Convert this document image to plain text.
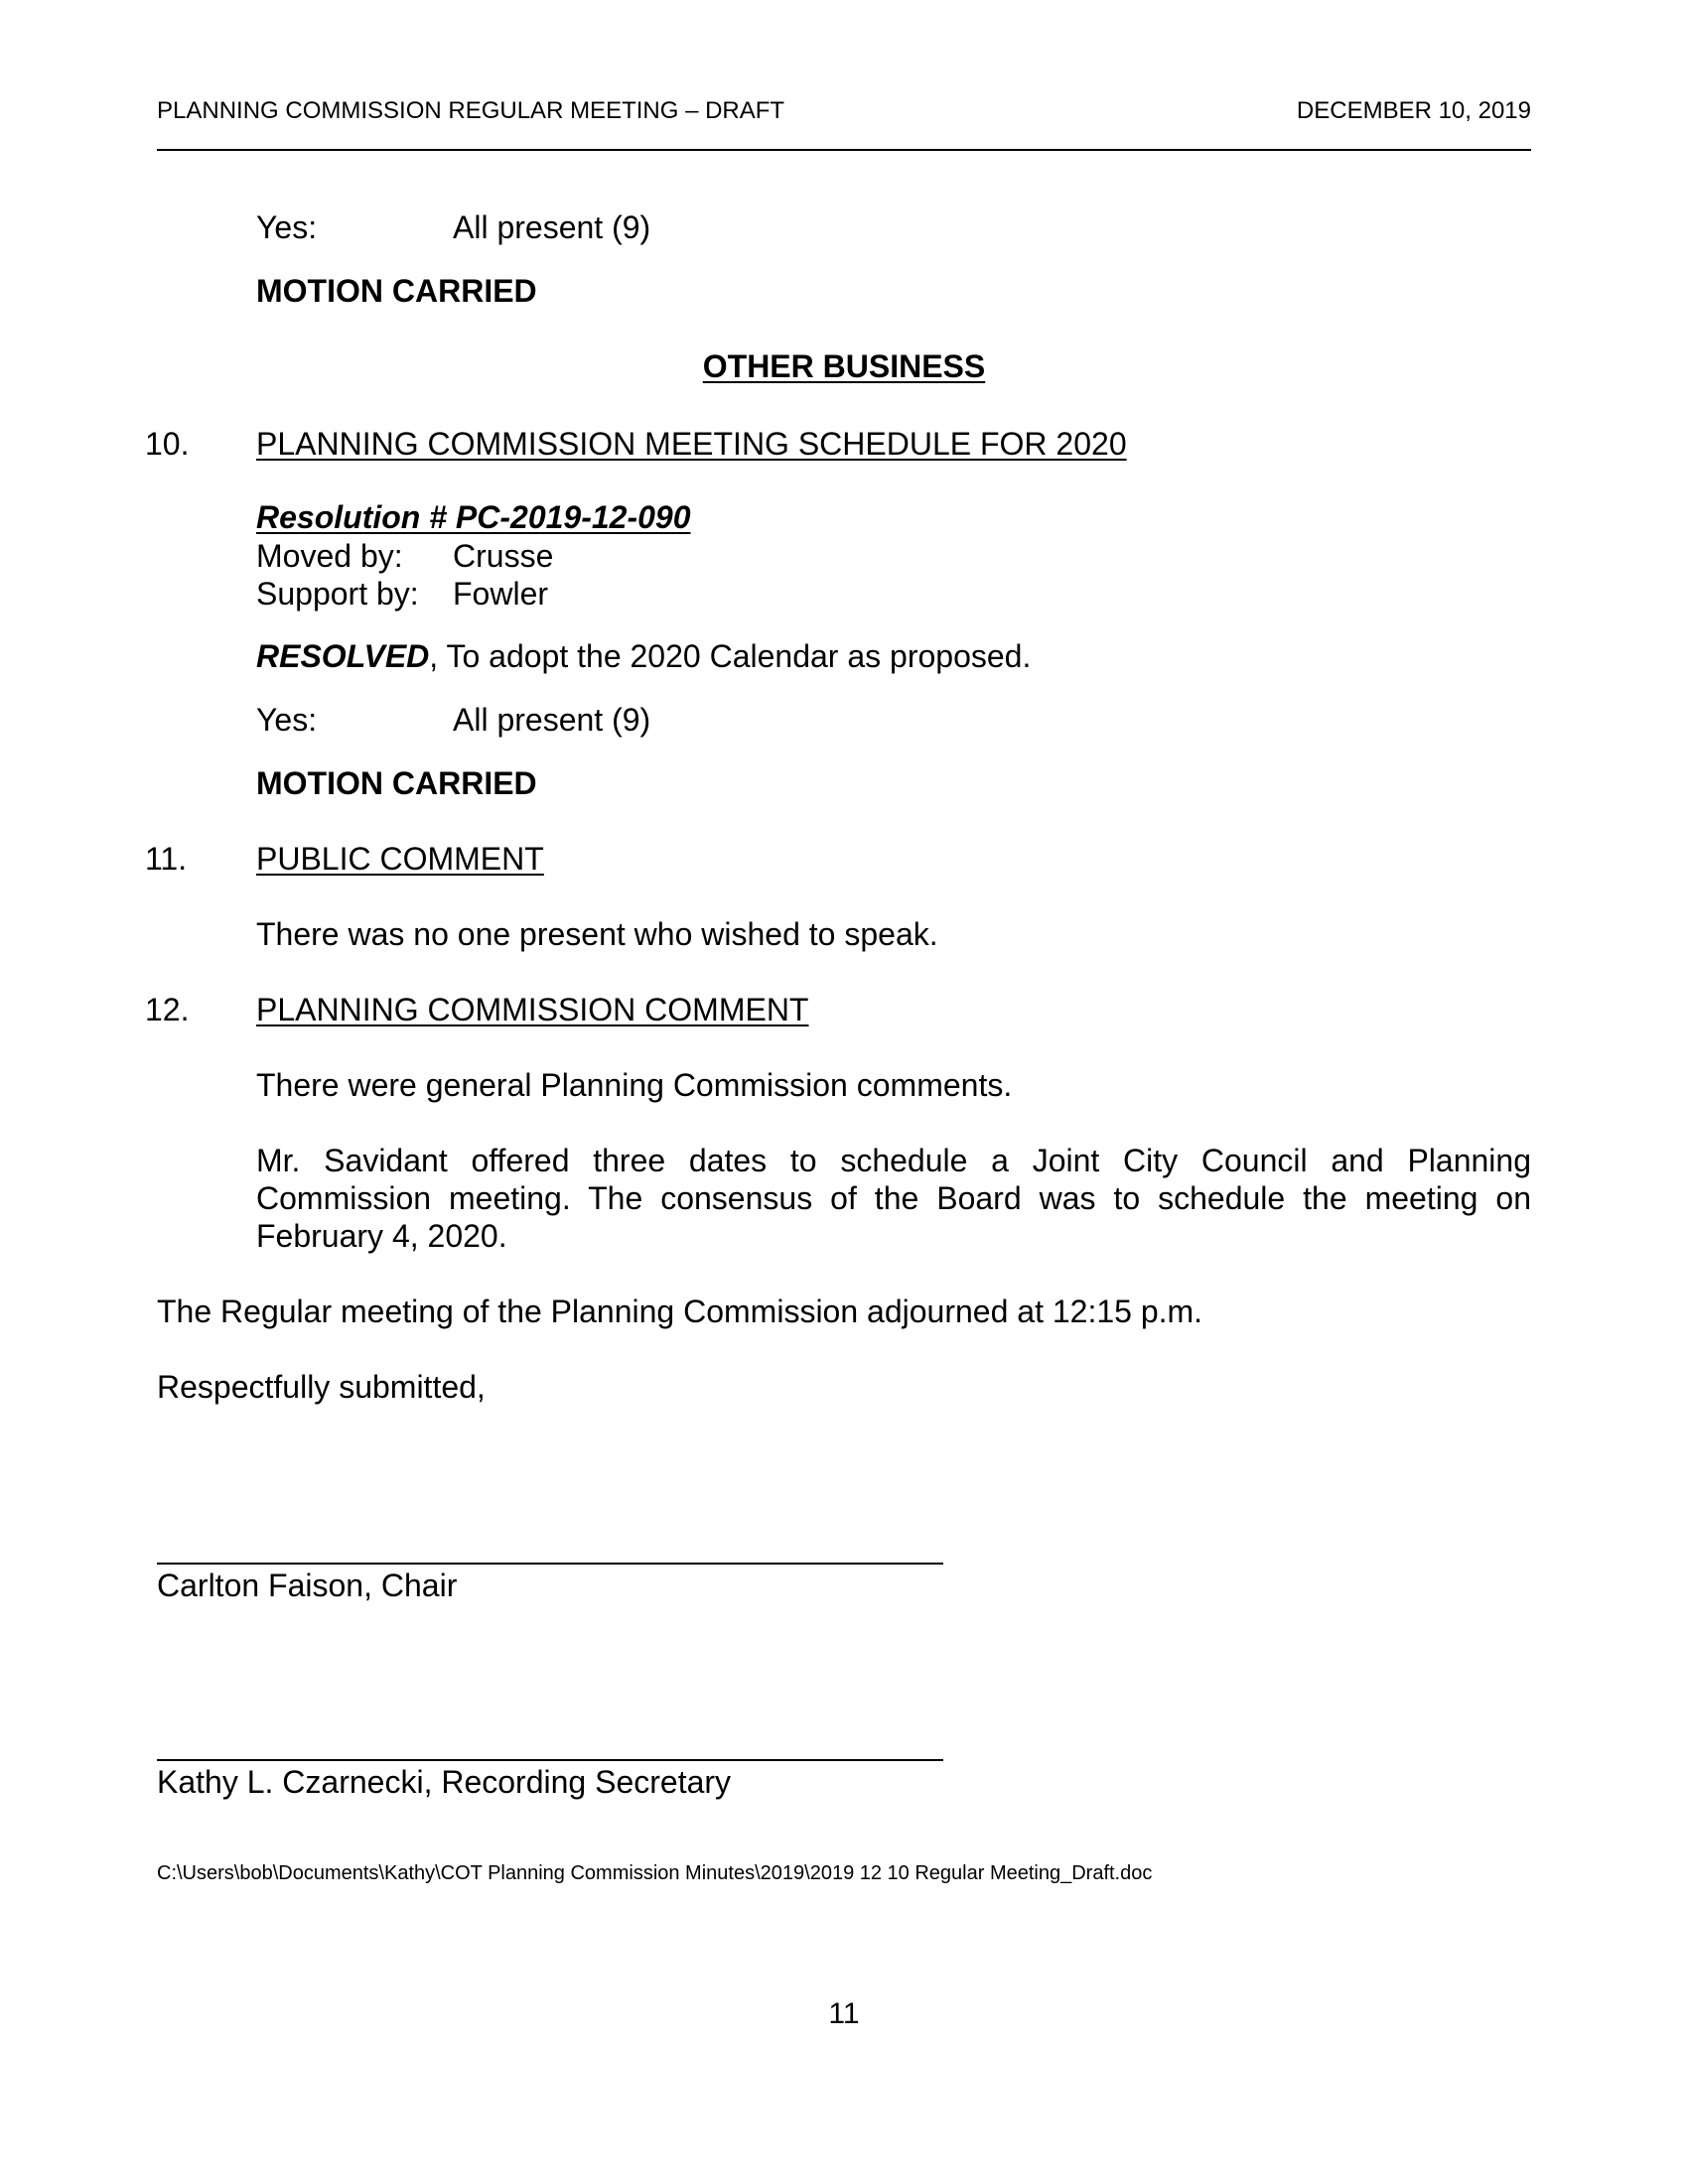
PLANNING COMMISSION REGULAR MEETING – DRAFT	DECEMBER 10, 2019
Yes:	All present (9)
MOTION CARRIED
OTHER BUSINESS
10. PLANNING COMMISSION MEETING SCHEDULE FOR 2020
Resolution # PC-2019-12-090
Moved by: Crusse
Support by: Fowler
RESOLVED, To adopt the 2020 Calendar as proposed.
Yes:	All present (9)
MOTION CARRIED
11. PUBLIC COMMENT
There was no one present who wished to speak.
12. PLANNING COMMISSION COMMENT
There were general Planning Commission comments.
Mr. Savidant offered three dates to schedule a Joint City Council and Planning Commission meeting. The consensus of the Board was to schedule the meeting on February 4, 2020.
The Regular meeting of the Planning Commission adjourned at 12:15 p.m.
Respectfully submitted,
Carlton Faison, Chair
Kathy L. Czarnecki, Recording Secretary
C:\Users\bob\Documents\Kathy\COT Planning Commission Minutes\2019\2019 12 10 Regular Meeting_Draft.doc
11
